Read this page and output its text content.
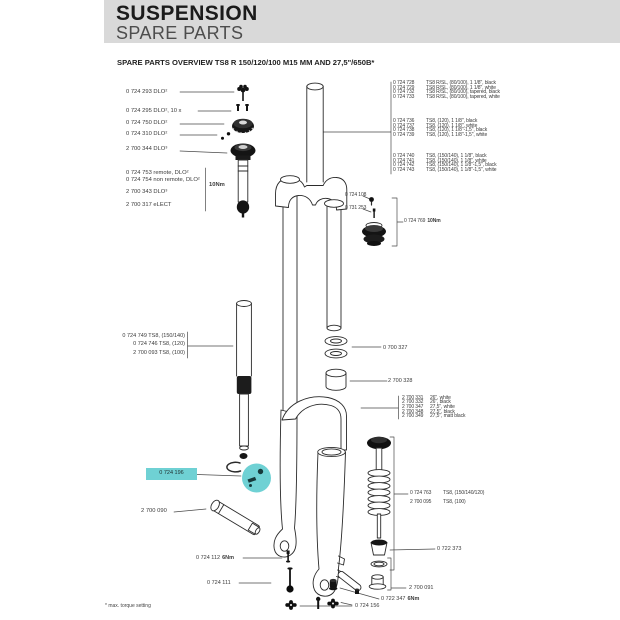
SUSPENSION
SPARE PARTS
SPARE PARTS OVERVIEW TS8 R 150/120/100 M15 MM AND 27,5"/650B*
0 724 293 DLO²
0 724 295 DLO², 10 x
0 724 750 DLO²
0 724 310 DLO²
2 700 344 DLO³
0 724 753 remote, DLO²
0 724 754 non remote, DLO²
2 700 343 DLO³
2 700 317 eLECT
10Nm
0 724 728	TS8 R/SL, (80/100), 1 1/8", black
0 724 729	TS8 R/SL, (80/100), 1 1/8", white
0 724 732	TS8 R/SL, (80/100), tapered, black
0 724 733	TS8 R/SL, (80/100), tapered, white
0 724 736	TS8, (120), 1 1/8", black
0 724 737	TS8, (120), 1 1/8", white
0 724 738	TS8, (120), 1 1/8"-1,5", black
0 724 739	TS8, (120), 1 1/8"-1,5", white
0 724 740	TS8, (150/140), 1 1/8", black
0 724 741	TS8, (150/140), 1 1/8", white
0 724 742	TS8, (150/140), 1 1/8"-1,5", black
0 724 743	TS8, (150/140), 1 1/8"-1,5", white
0 724 108
0 731 253
0 724 769 10Nm
0 724 749 TS8, (150/140)
0 724 746 TS8, (120)
2 700 093 TS8, (100)
0 700 327
2 700 328
2 700 331	26", white
2 700 332	26", black
2 700 347	27,5", white
2 700 348	27,5", black
2 700 349	27,5", matt black
2 700 090
0 724 196
0 724 763	TS8, (150/140/120)
2 700 095	TS8, (100)
0 722 373
2 700 091
0 722 347 6Nm
0 724 156
0 724 112 6Nm
0 724 111
* max. torque setting
